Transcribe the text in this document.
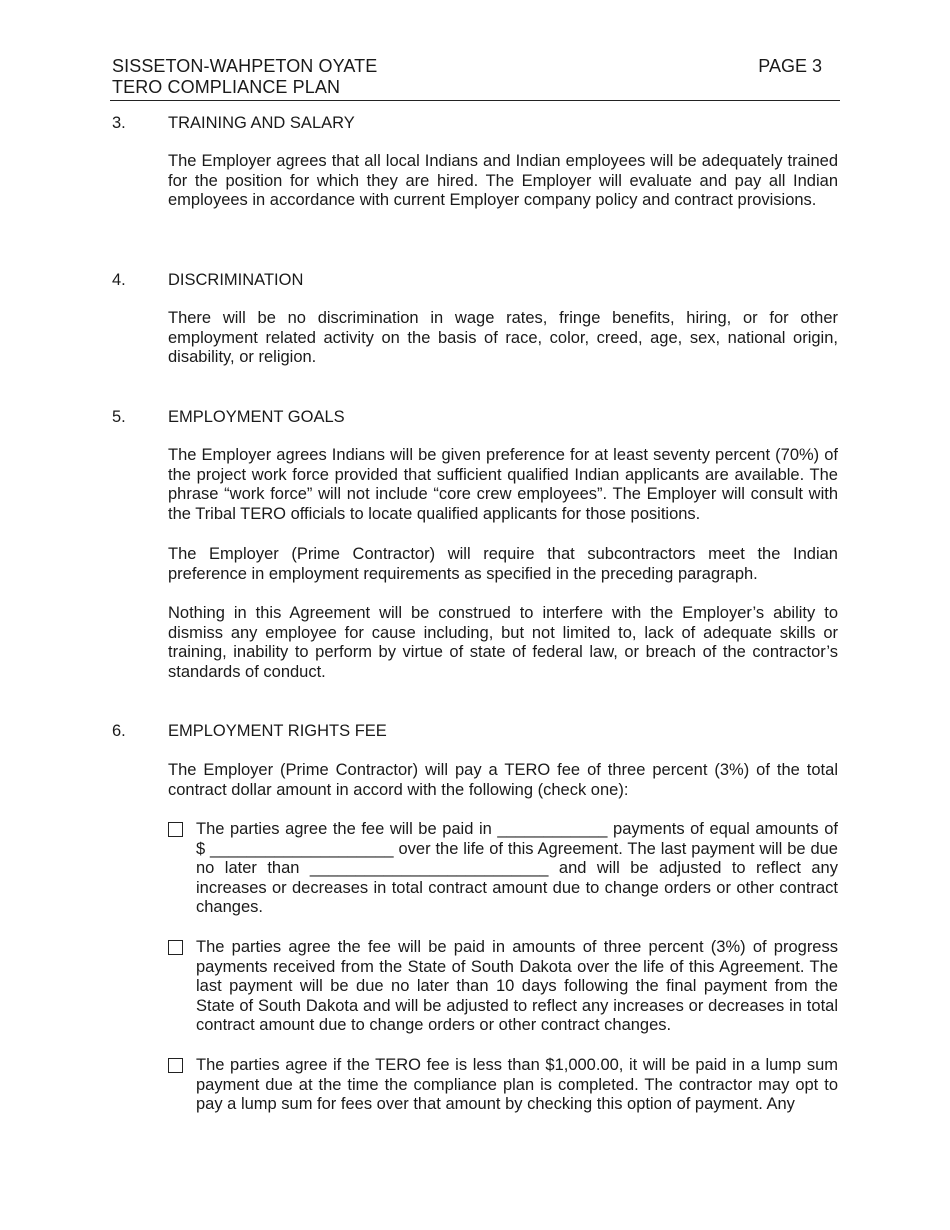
SISSETON-WAHPETON OYATE
TERO COMPLIANCE PLAN
PAGE 3
3.	TRAINING AND SALARY
The Employer agrees that all local Indians and Indian employees will be adequately trained for the position for which they are hired. The Employer will evaluate and pay all Indian employees in accordance with current Employer company policy and contract provisions.
4.	DISCRIMINATION
There will be no discrimination in wage rates, fringe benefits, hiring, or for other employment related activity on the basis of race, color, creed, age, sex, national origin, disability, or religion.
5.	EMPLOYMENT GOALS
The Employer agrees Indians will be given preference for at least seventy percent (70%) of the project work force provided that sufficient qualified Indian applicants are available. The phrase “work force” will not include “core crew employees”. The Employer will consult with the Tribal TERO officials to locate qualified applicants for those positions.
The Employer (Prime Contractor) will require that subcontractors meet the Indian preference in employment requirements as specified in the preceding paragraph.
Nothing in this Agreement will be construed to interfere with the Employer’s ability to dismiss any employee for cause including, but not limited to, lack of adequate skills or training, inability to perform by virtue of state of federal law, or breach of the contractor’s standards of conduct.
6.	EMPLOYMENT RIGHTS FEE
The Employer (Prime Contractor) will pay a TERO fee of three percent (3%) of the total contract dollar amount in accord with the following (check one):
The parties agree the fee will be paid in ____________ payments of equal amounts of $ ____________________ over the life of this Agreement. The last payment will be due no later than __________________________ and will be adjusted to reflect any increases or decreases in total contract amount due to change orders or other contract changes.
The parties agree the fee will be paid in amounts of three percent (3%) of progress payments received from the State of South Dakota over the life of this Agreement. The last payment will be due no later than 10 days following the final payment from the State of South Dakota and will be adjusted to reflect any increases or decreases in total contract amount due to change orders or other contract changes.
The parties agree if the TERO fee is less than $1,000.00, it will be paid in a lump sum payment due at the time the compliance plan is completed. The contractor may opt to pay a lump sum for fees over that amount by checking this option of payment. Any
